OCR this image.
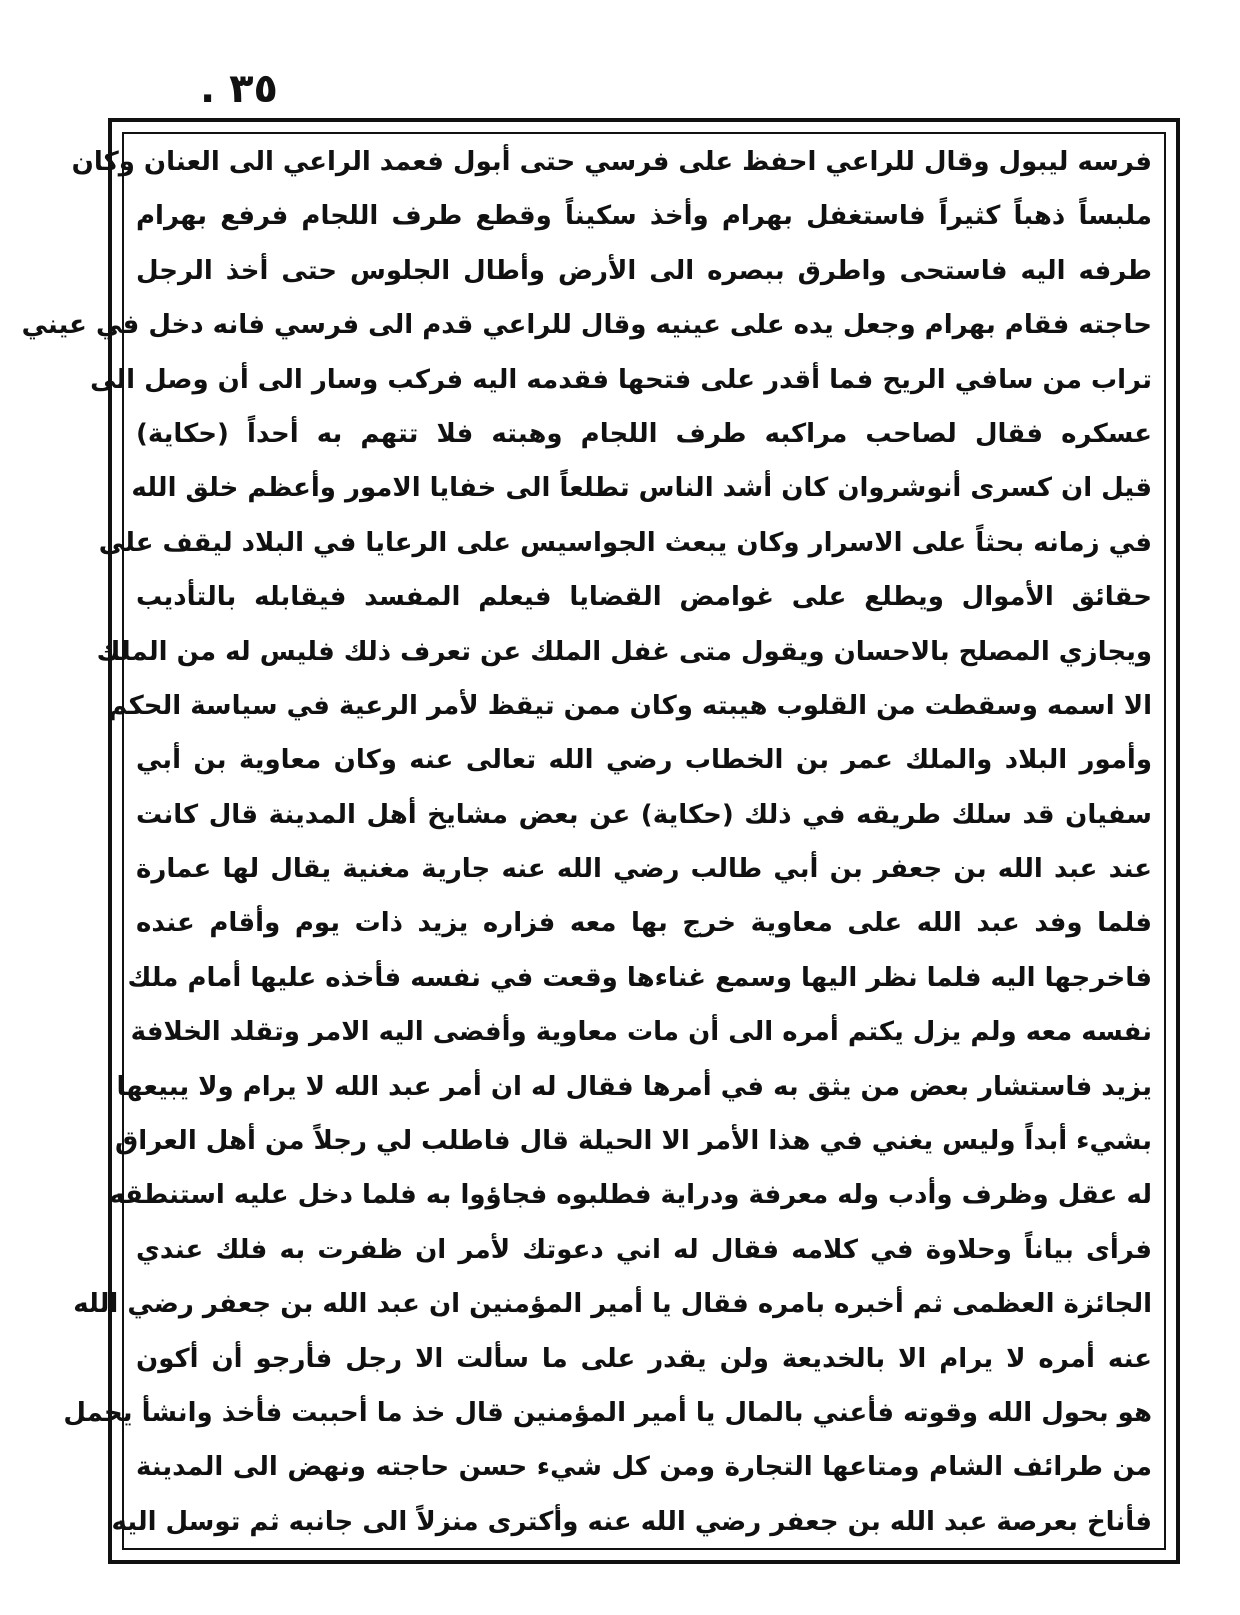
. ٣٥
فرسه ليبول وقال للراعي احفظ على فرسي حتى أبول فعمد الراعي الى العنان وكان
ملبساً ذهباً كثيراً فاستغفل بهرام وأخذ سكيناً وقطع طرف اللجام فرفع بهرام
طرفه اليه فاستحى واطرق ببصره الى الأرض وأطال الجلوس حتى أخذ الرجل
حاجته فقام بهرام وجعل يده على عينيه وقال للراعي قدم الى فرسي فانه دخل في عيني
تراب من سافي الريح فما أقدر على فتحها فقدمه اليه فركب وسار الى أن وصل الى
عسكره فقال لصاحب مراكبه طرف اللجام وهبته فلا تتهم به أحداً (حكاية)
قيل ان كسرى أنوشروان كان أشد الناس تطلعاً الى خفايا الامور وأعظم خلق الله
في زمانه بحثاً على الاسرار وكان يبعث الجواسيس على الرعايا في البلاد ليقف على
حقائق الأموال ويطلع على غوامض القضايا فيعلم المفسد فيقابله بالتأديب
ويجازي المصلح بالاحسان ويقول متى غفل الملك عن تعرف ذلك فليس له من الملك
الا اسمه وسقطت من القلوب هيبته وكان ممن تيقظ لأمر الرعية في سياسة الحكم
وأمور البلاد والملك عمر بن الخطاب رضي الله تعالى عنه وكان معاوية بن أبي
سفيان قد سلك طريقه في ذلك (حكاية) عن بعض مشايخ أهل المدينة قال كانت
عند عبد الله بن جعفر بن أبي طالب رضي الله عنه جارية مغنية يقال لها عمارة
فلما وفد عبد الله على معاوية خرج بها معه فزاره يزيد ذات يوم وأقام عنده
فاخرجها اليه فلما نظر اليها وسمع غناءها وقعت في نفسه فأخذه عليها أمام ملك
نفسه معه ولم يزل يكتم أمره الى أن مات معاوية وأفضى اليه الامر وتقلد الخلافة
يزيد فاستشار بعض من يثق به في أمرها فقال له ان أمر عبد الله لا يرام ولا يبيعها
بشيء أبداً وليس يغني في هذا الأمر الا الحيلة قال فاطلب لي رجلاً من أهل العراق
له عقل وظرف وأدب وله معرفة ودراية فطلبوه فجاؤوا به فلما دخل عليه استنطقه
فرأى بياناً وحلاوة في كلامه فقال له اني دعوتك لأمر ان ظفرت به فلك عندي
الجائزة العظمى ثم أخبره بامره فقال يا أمير المؤمنين ان عبد الله بن جعفر رضي الله
عنه أمره لا يرام الا بالخديعة ولن يقدر على ما سألت الا رجل فأرجو أن أكون
هو بحول الله وقوته فأعني بالمال يا أمير المؤمنين قال خذ ما أحببت فأخذ وانشأ يحمل
من طرائف الشام ومتاعها التجارة ومن كل شيء حسن حاجته ونهض الى المدينة
فأناخ بعرصة عبد الله بن جعفر رضي الله عنه وأكترى منزلاً الى جانبه ثم توسل اليه
